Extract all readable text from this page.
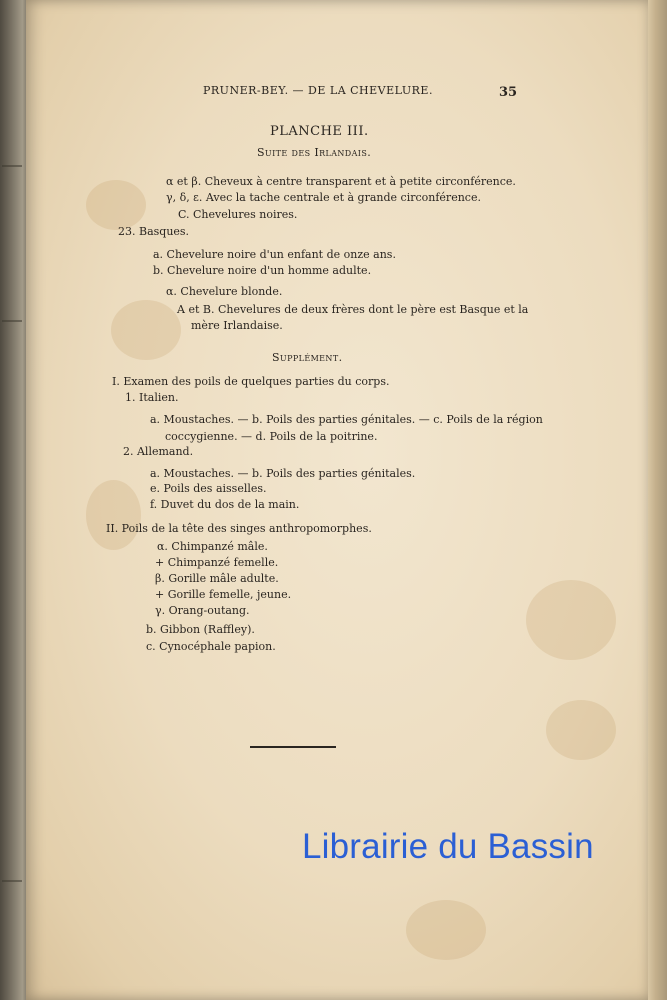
PRUNER-BEY. — DE LA CHEVELURE.	35
PLANCHE III.
Suite des Irlandais.
α et β. Cheveux à centre transparent et à petite circonférence.
γ, δ, ε. Avec la tache centrale et à grande circonférence.
C. Chevelures noires.
23. Basques.
a. Chevelure noire d'un enfant de onze ans.
b. Chevelure noire d'un homme adulte.
α. Chevelure blonde.
A et B. Chevelures de deux frères dont le père est Basque et la
mère Irlandaise.
Supplément.
I. Examen des poils de quelques parties du corps.
1. Italien.
a. Moustaches. — b. Poils des parties génitales. — c. Poils de la région
coccygienne. — d. Poils de la poitrine.
2. Allemand.
a. Moustaches. — b. Poils des parties génitales.
e. Poils des aisselles.
f. Duvet du dos de la main.
II. Poils de la tête des singes anthropomorphes.
α. Chimpanzé mâle.
+ Chimpanzé femelle.
β. Gorille mâle adulte.
+ Gorille femelle, jeune.
γ. Orang-outang.
b. Gibbon (Raffley).
c. Cynocéphale papion.
Librairie du Bassin
